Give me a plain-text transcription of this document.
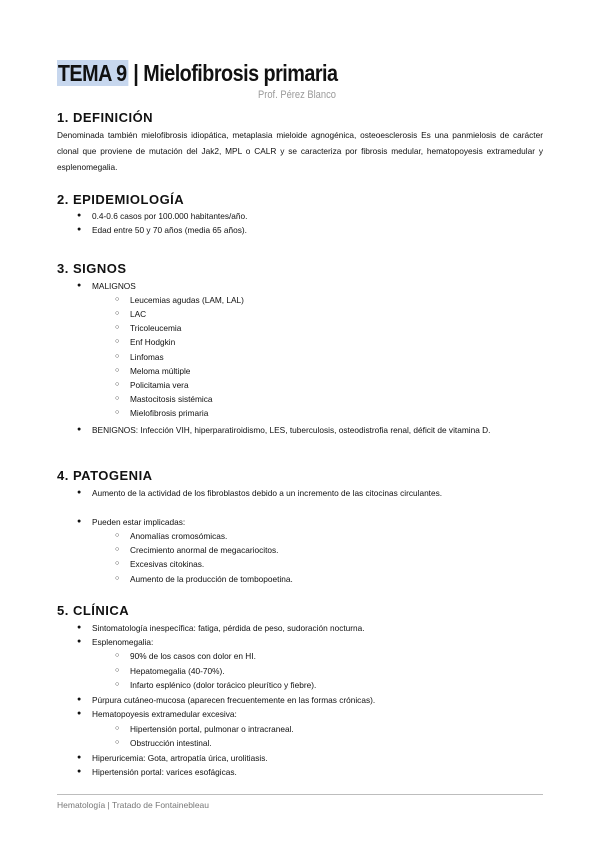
TEMA 9 | Mielofibrosis primaria
Prof. Pérez Blanco
1. DEFINICIÓN

Denominada también mielofibrosis idiopática, metaplasia mieloide agnogénica, osteoesclerosis Es una panmielosis de carácter clonal que proviene de mutación del Jak2, MPL o CALR y se caracteriza por fibrosis medular, hematopoyesis extramedular y esplenomegalia.

2. EPIDEMIOLOGÍA
● 0.4-0.6 casos por 100.000 habitantes/año.
● Edad entre 50 y 70 años (media 65 años).
3. SIGNOS
● MALIGNOS
○ Leucemias agudas (LAM, LAL)
○ LAC
○ Tricoleucemia
○ Enf Hodgkin
○ Linfomas
○ Meloma múltiple
○ Policitamia vera
○ Mastocitosis sistémica
○ Mielofibrosis primaria
● BENIGNOS: Infección VIH, hiperparatiroidismo, LES, tuberculosis, osteodistrofia renal, déficit de vitamina D.
4. PATOGENIA
● Aumento de la actividad de los fibroblastos debido a un incremento de las citocinas circulantes.
● Pueden estar implicadas:
○ Anomalías cromosómicas.
○ Crecimiento anormal de megacariocitos.
○ Excesivas citokinas.
○ Aumento de la producción de tombopoetina.
5. CLÍNICA
● Sintomatología inespecífica: fatiga, pérdida de peso, sudoración nocturna.
● Esplenomegalia:
○ 90% de los casos con dolor en HI.
○ Hepatomegalia (40-70%).
○ Infarto esplénico (dolor torácico pleurítico y fiebre).
● Púrpura cutáneo-mucosa (aparecen frecuentemente en las formas crónicas).
● Hematopoyesis extramedular excesiva:
○ Hipertensión portal, pulmonar o intracraneal.
○ Obstrucción intestinal.
● Hiperuricemia: Gota, artropatía úrica, urolitiasis.
● Hipertensión portal: varices esofágicas.
Hematología | Tratado de Fontainebleau
